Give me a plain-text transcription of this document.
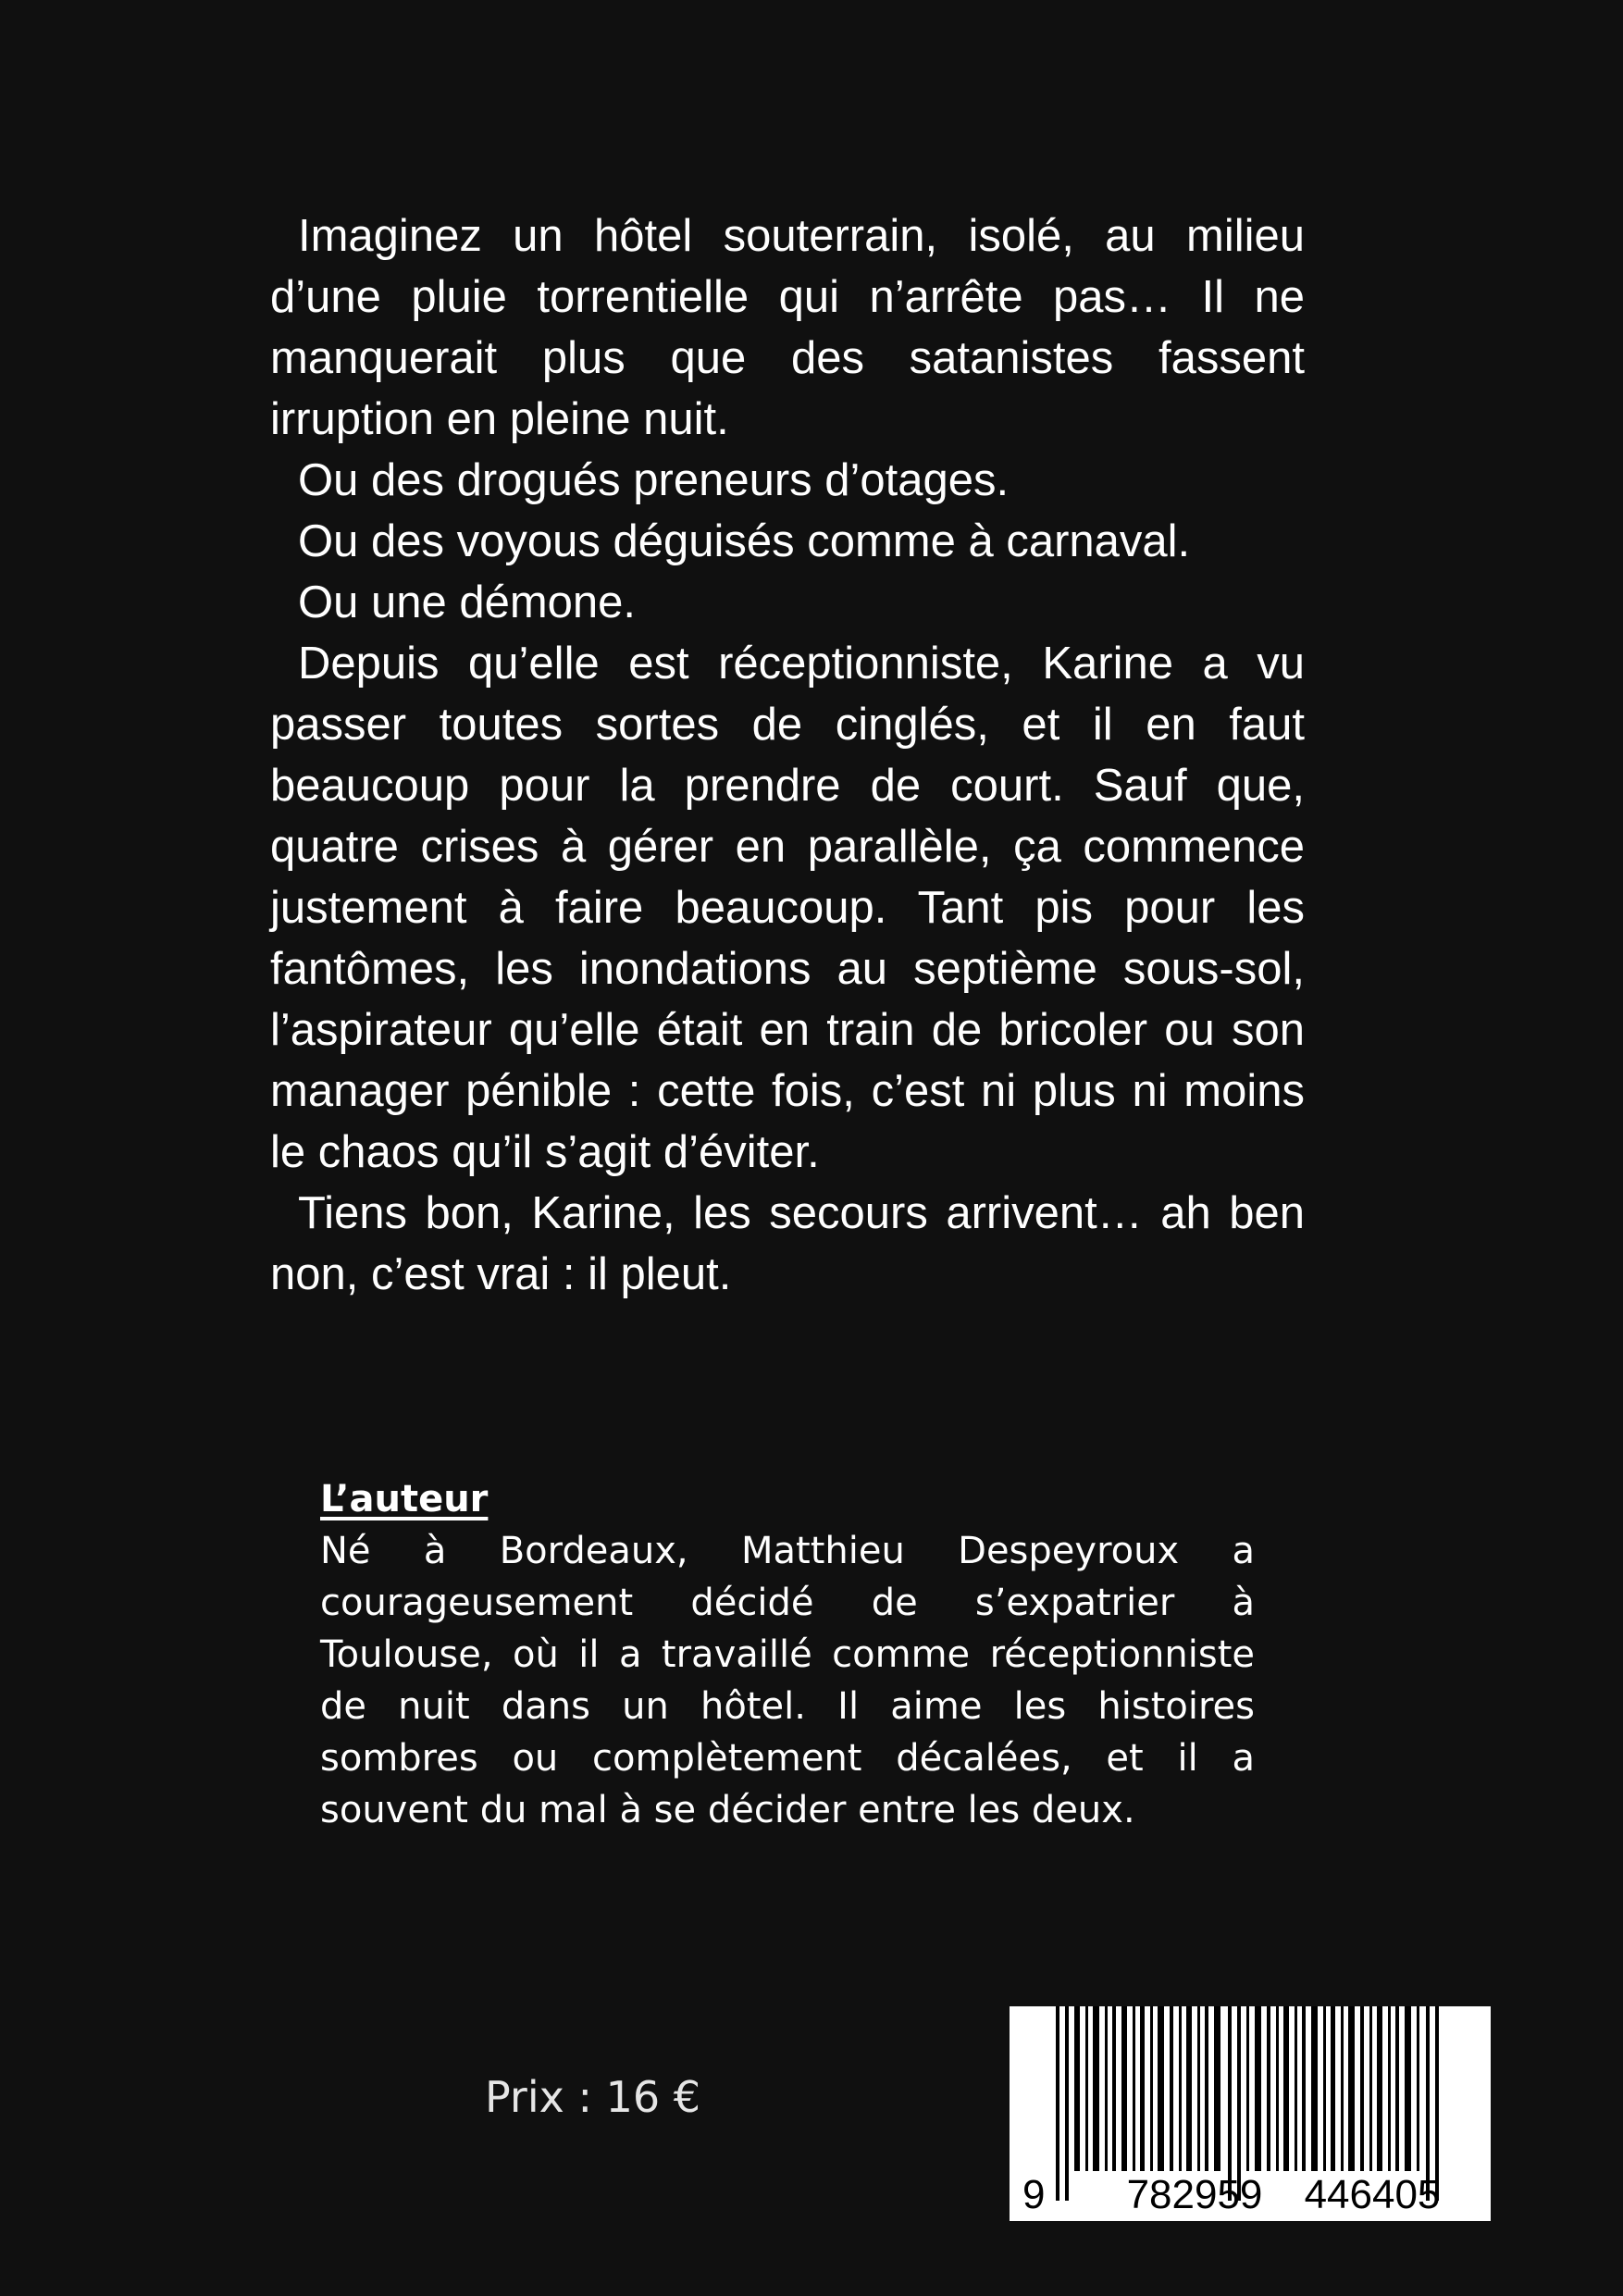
Imaginez un hôtel souterrain, isolé, au milieu d’une pluie torrentielle qui n’arrête pas… Il ne manquerait plus que des satanistes fassent irruption en pleine nuit.

Ou des drogués preneurs d’otages.

Ou des voyous déguisés comme à carnaval.

Ou une démone.

Depuis qu’elle est réceptionniste, Karine a vu passer toutes sortes de cinglés, et il en faut beaucoup pour la prendre de court. Sauf que, quatre crises à gérer en parallèle, ça commence justement à faire beaucoup. Tant pis pour les fantômes, les inondations au septième sous-sol, l’aspirateur qu’elle était en train de bricoler ou son manager pénible : cette fois, c’est ni plus ni moins le chaos qu’il s’agit d’éviter.

Tiens bon, Karine, les secours arrivent… ah ben non, c’est vrai : il pleut.

L’auteur

Né à Bordeaux, Matthieu Despeyroux a courageusement décidé de s’expatrier à Toulouse, où il a travaillé comme réceptionniste de nuit dans un hôtel. Il aime les histoires sombres ou complètement décalées, et il a souvent du mal à se décider entre les deux.

Prix : 16 €
9 782959 446405
